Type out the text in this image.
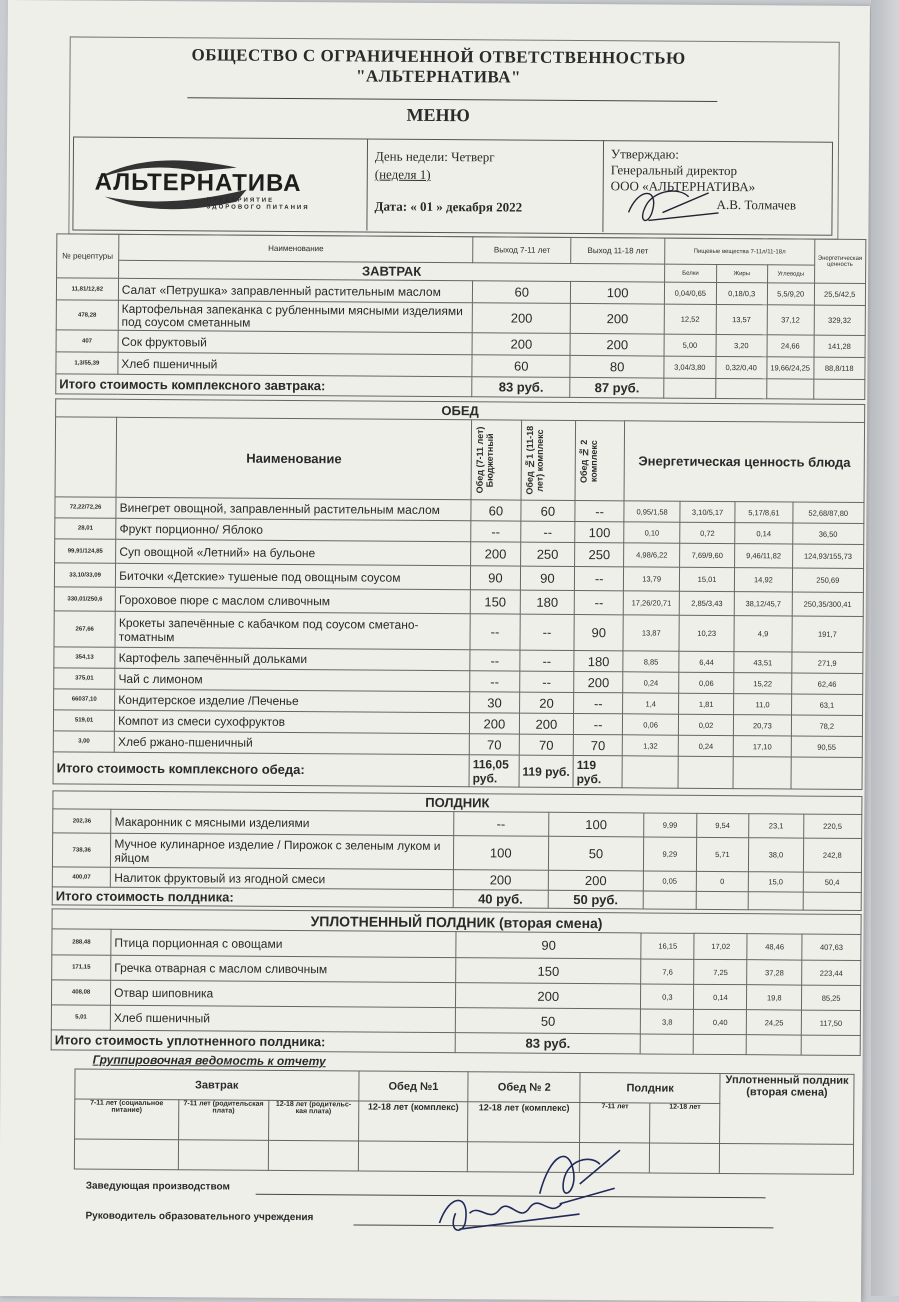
ОБЩЕСТВО С ОГРАНИЧЕННОЙ ОТВЕТСТВЕННОСТЬЮ
"АЛЬТЕРНАТИВА"
МЕНЮ
АЛЬТЕРНАТИВА
ПРЕДПРИЯТИЕ ЗДОРОВОГО ПИТАНИЯ
День недели: Четверг
(неделя 1)
Дата: « 01 » декабря 2022
Утверждаю:
Генеральный директор
ООО «АЛЬТЕРНАТИВА»
А.В. Толмачев
№ рецептуры	Наименование	Выход 7-11 лет	Выход 11-18 лет	Пищевые вещества 7-11л/11-18л			Энергетическая ценность
	ЗАВТРАК			Белки	Жиры	Углеводы	
11,81/12,82	Салат «Петрушка» заправленный растительным маслом	60	100	0,04/0,65	0,18/0,3	5,5/9,20	25,5/42,5
478,28	Картофельная запеканка с рубленными мясными изделиями под соусом сметанным	200	200	12,52	13,57	37,12	329,32
407	Сок фруктовый	200	200	5,00	3,20	24,66	141,28
1,3/55,39	Хлеб пшеничный	60	80	3,04/3,80	0,32/0,40	19,66/24,25	88,8/118
Итого стоимость комплексного завтрака:		83 руб.	87 руб.				
ОБЕД								
	Наименование	Обед (7-11 лет) Бюджетный	Обед №1 (11-18 лет) комплекс	Обед № 2 комплекс	Энергетическая ценность блюда			
72,22/72,26	Винегрет овощной, заправленный растительным маслом	60	60	--	0,95/1,58	3,10/5,17	5,17/8,61	52,68/87,80
28,01	Фрукт порционно/ Яблоко	--	--	100	0,10	0,72	0,14	36,50
99,91/124,85	Суп овощной «Летний» на бульоне	200	250	250	4,98/6,22	7,69/9,60	9,46/11,82	124,93/155,73
33,10/33,09	Биточки «Детские» тушеные под овощным соусом	90	90	--	13,79	15,01	14,92	250,69
330,01/250,6	Гороховое пюре с маслом сливочным	150	180	--	17,26/20,71	2,85/3,43	38,12/45,7	250,35/300,41
267,66	Крокеты запечённые с кабачком под соусом сметано-томатным	--	--	90	13,87	10,23	4,9	191,7
354,13	Картофель запечённый дольками	--	--	180	8,85	6,44	43,51	271,9
375,01	Чай с лимоном	--	--	200	0,24	0,06	15,22	62,46
66037,10	Кондитерское изделие /Печенье	30	20	--	1,4	1,81	11,0	63,1
519,01	Компот из смеси сухофруктов	200	200	--	0,06	0,02	20,73	78,2
3,00	Хлеб ржано-пшеничный	70	70	70	1,32	0,24	17,10	90,55
Итого стоимость комплексного обеда:		116,05 руб.	119 руб.	119 руб.				
ПОЛДНИК							
202,36	Макаронник с мясными изделиями	--	100	9,99	9,54	23,1	220,5
738,36	Мучное кулинарное изделие / Пирожок с зеленым луком и яйцом	100	50	9,29	5,71	38,0	242,8
400,07	Налиток фруктовый из ягодной смеси	200	200	0,05	0	15,0	50,4
Итого стоимость полдника:		40 руб.	50 руб.				
УПЛОТНЕННЫЙ ПОЛДНИК (вторая смена)						
288,48	Птица порционная с овощами	90	16,15	17,02	48,46	407,63
171,15	Гречка отварная с маслом сливочным	150	7,6	7,25	37,28	223,44
408,08	Отвар шиповника	200	0,3	0,14	19,8	85,25
5,01	Хлеб пшеничный	50	3,8	0,40	24,25	117,50
Итого стоимость уплотненного полдника:		83 руб.				
Группировочная ведомость к отчету
Завтрак			Обед №1	Обед № 2	Полдник		Уплотненный полдник (вторая смена)
7-11 лет (социальное питание)	7-11 лет (родительская плата)	12-18 лет (родительс-кая плата)	12-18 лет (комплекс)	12-18 лет (комплекс)	7-11 лет	12-18 лет	

Заведующая производством
Руководитель образовательного учреждения
